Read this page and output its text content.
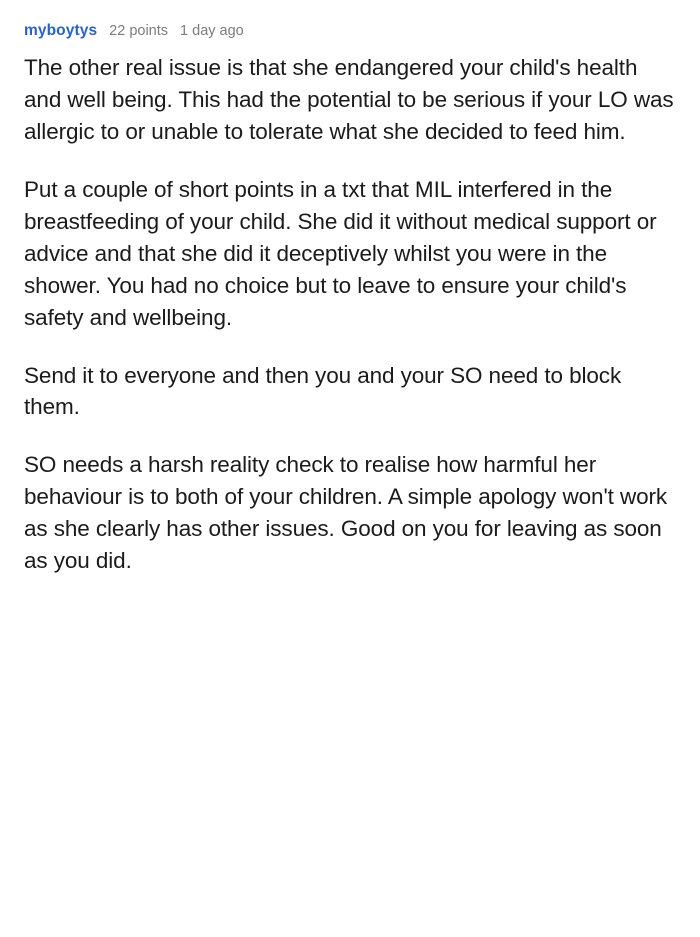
myboytys 22 points 1 day ago

The other real issue is that she endangered your child's health and well being. This had the potential to be serious if your LO was allergic to or unable to tolerate what she decided to feed him.

Put a couple of short points in a txt that MIL interfered in the breastfeeding of your child. She did it without medical support or advice and that she did it deceptively whilst you were in the shower. You had no choice but to leave to ensure your child's safety and wellbeing.

Send it to everyone and then you and your SO need to block them.

SO needs a harsh reality check to realise how harmful her behaviour is to both of your children. A simple apology won't work as she clearly has other issues. Good on you for leaving as soon as you did.
